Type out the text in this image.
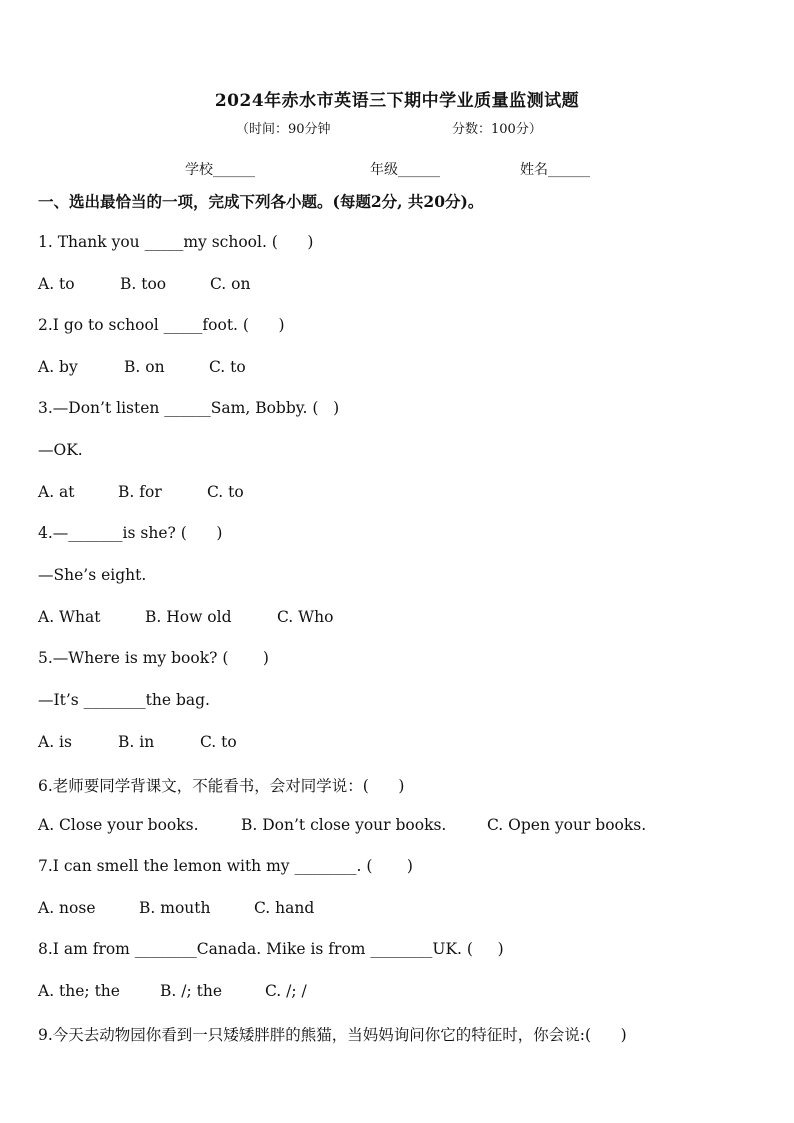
2024年赤水市英语三下期中学业质量监测试题
（时间：90分钟	分数：100分）
学校______	年级______	姓名______
一、选出最恰当的一项，完成下列各小题。(每题2分, 共20分)。
1. Thank you _____my school. (      )
A. to	B. too	C. on
2.I go to school _____foot. (      )
A. by	B. on	C. to
3.—Don’t listen ______Sam, Bobby. (   )
—OK.
A. at	B. for	C. to
4.—_______is she? (      )
—She’s eight.
A. What	B. How old	C. Who
5.—Where is my book? (       )
—It’s ________the bag.
A. is	B. in	C. to
6.老师要同学背课文，不能看书，会对同学说：(      )
A. Close your books.	B. Don’t close your books.	C. Open your books.
7.I can smell the lemon with my ________. (       )
A. nose	B. mouth	C. hand
8.I am from ________Canada. Mike is from ________UK. (     )
A. the; the	B. /; the	C. /; /
9.今天去动物园你看到一只矮矮胖胖的熊猫，当妈妈询问你它的特征时，你会说:(      )
